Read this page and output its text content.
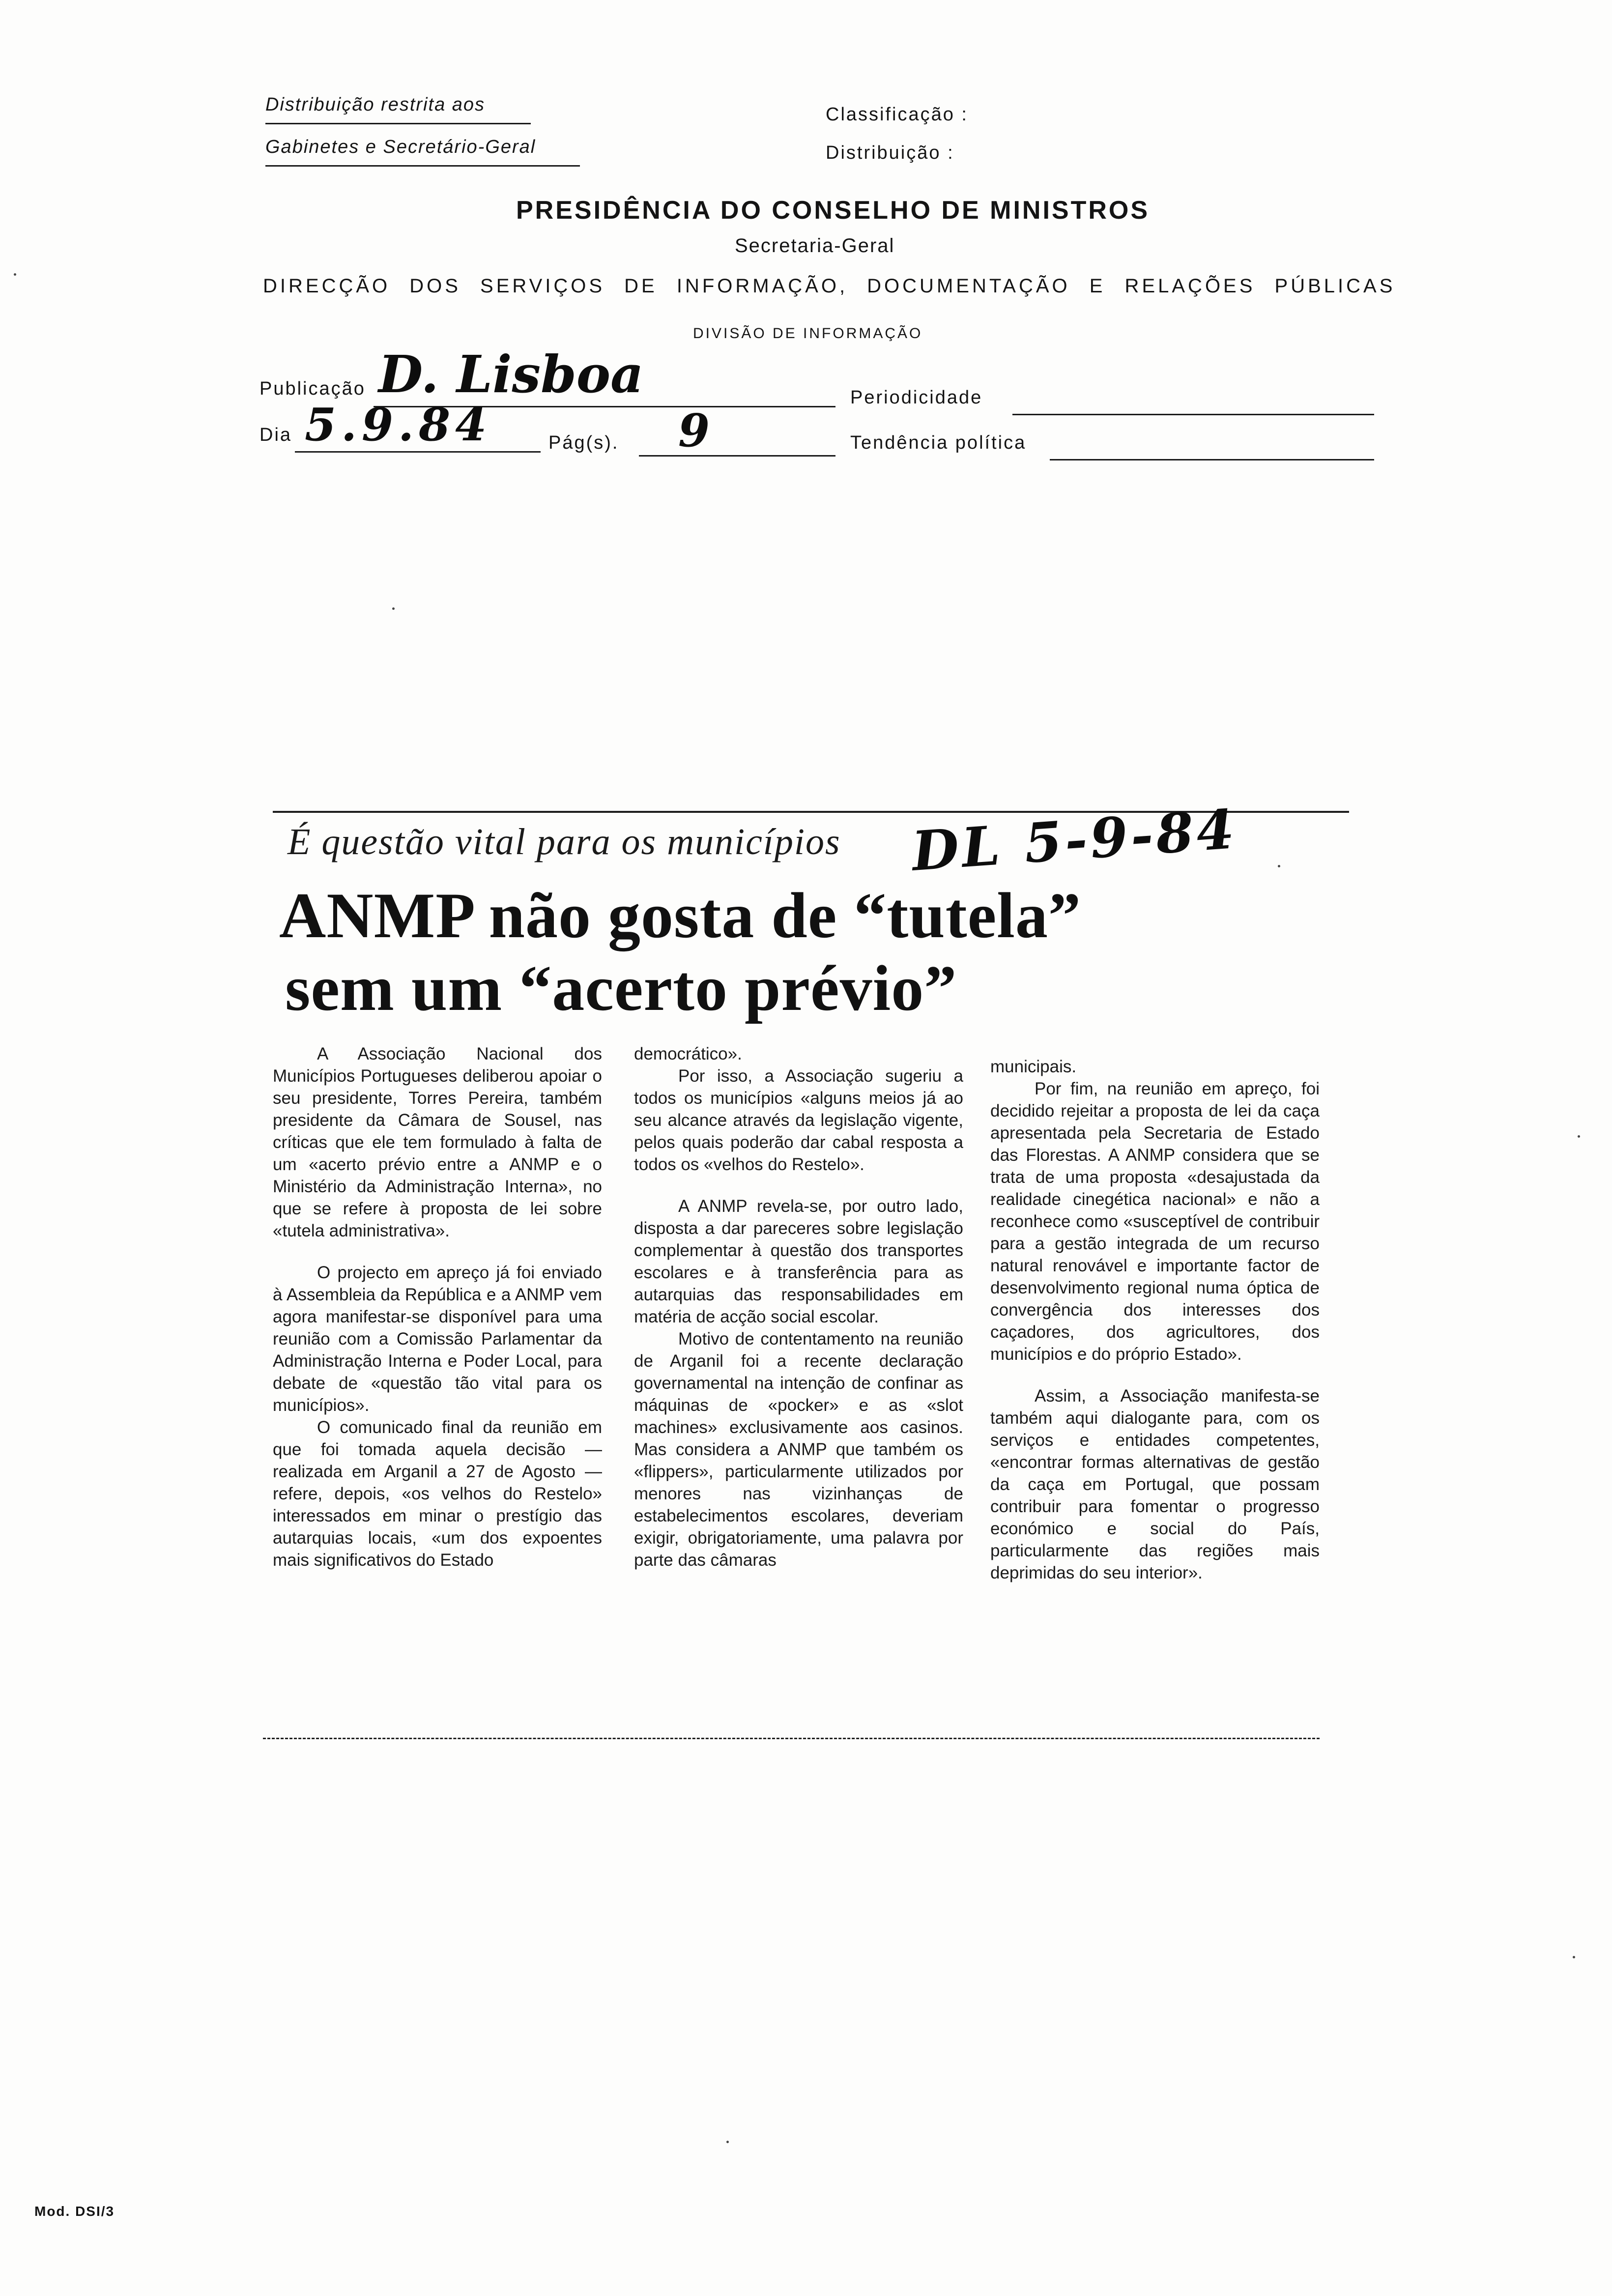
Distribuição restrita aos
Gabinetes e Secretário-Geral
Classificação :
Distribuição :
PRESIDÊNCIA DO CONSELHO DE MINISTROS
Secretaria-Geral
DIRECÇÃO DOS SERVIÇOS DE INFORMAÇÃO, DOCUMENTAÇÃO E RELAÇÕES PÚBLICAS
DIVISÃO DE INFORMAÇÃO
Publicação D. Lisboa	Periodicidade
Dia 5.9.84	Pág(s). 9	Tendência política
É questão vital para os municípios DL 5-9-84
ANMP não gosta de “tutela”
sem um “acerto prévio”

A Associação Nacional dos Municípios Portugueses deliberou apoiar o seu presidente, Torres Pereira, também presidente da Câmara de Sousel, nas críticas que ele tem formulado à falta de um «acerto prévio entre a ANMP e o Ministério da Administração Interna», no que se refere à proposta de lei sobre «tutela administrativa».

O projecto em apreço já foi enviado à Assembleia da República e a ANMP vem agora manifestar-se disponível para uma reunião com a Comissão Parlamentar da Administração Interna e Poder Local, para debate de «questão tão vital para os municípios».

O comunicado final da reunião em que foi tomada aquela decisão — realizada em Arganil a 27 de Agosto — refere, depois, «os velhos do Restelo» interessados em minar o prestígio das autarquias locais, «um dos expoentes mais significativos do Estado

democrático».

Por isso, a Associação sugeriu a todos os municípios «alguns meios já ao seu alcance através da legislação vigente, pelos quais poderão dar cabal resposta a todos os «velhos do Restelo».

A ANMP revela-se, por outro lado, disposta a dar pareceres sobre legislação complementar à questão dos transportes escolares e à transferência para as autarquias das responsabilidades em matéria de acção social escolar.

Motivo de contentamento na reunião de Arganil foi a recente declaração governamental na intenção de confinar as máquinas de «pocker» e as «slot machines» exclusivamente aos casinos. Mas considera a ANMP que também os «flippers», particularmente utilizados por menores nas vizinhanças de estabelecimentos escolares, deveriam exigir, obrigatoriamente, uma palavra por parte das câmaras

municipais.

Por fim, na reunião em apreço, foi decidido rejeitar a proposta de lei da caça apresentada pela Secretaria de Estado das Florestas. A ANMP considera que se trata de uma proposta «desajustada da realidade cinegética nacional» e não a reconhece como «susceptível de contribuir para a gestão integrada de um recurso natural renovável e importante factor de desenvolvimento regional numa óptica de convergência dos interesses dos caçadores, dos agricultores, dos municípios e do próprio Estado».

Assim, a Associação manifesta-se também aqui dialogante para, com os serviços e entidades competentes, «encontrar formas alternativas de gestão da caça em Portugal, que possam contribuir para fomentar o progresso económico e social do País, particularmente das regiões mais deprimidas do seu interior».

Mod. DSI/3
